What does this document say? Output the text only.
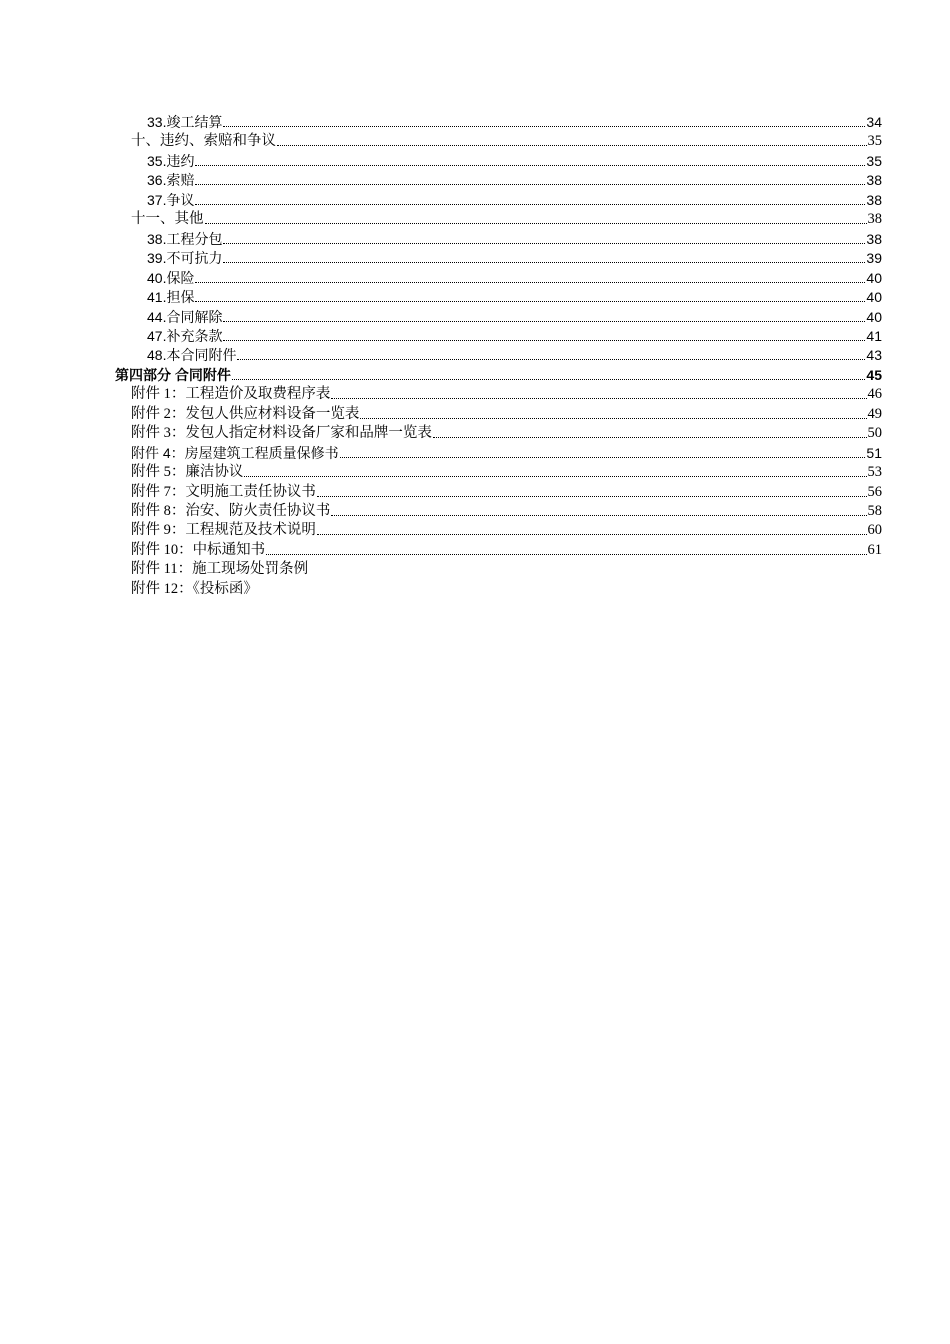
33.竣工结算	34
十、违约、索赔和争议	35
35.违约	35
36.索赔	38
37.争议	38
十一、其他	38
38.工程分包	38
39.不可抗力	39
40.保险	40
41.担保	40
44.合同解除	40
47.补充条款	41
48.本合同附件	43
第四部分 合同附件	45
附件 1：工程造价及取费程序表	46
附件 2：发包人供应材料设备一览表	49
附件 3：发包人指定材料设备厂家和品牌一览表	50
附件 4：房屋建筑工程质量保修书	51
附件 5：廉洁协议	53
附件 7：文明施工责任协议书	56
附件 8：治安、防火责任协议书	58
附件 9：工程规范及技术说明	60
附件 10：中标通知书	61
附件 11：施工现场处罚条例
附件 12：《投标函》
